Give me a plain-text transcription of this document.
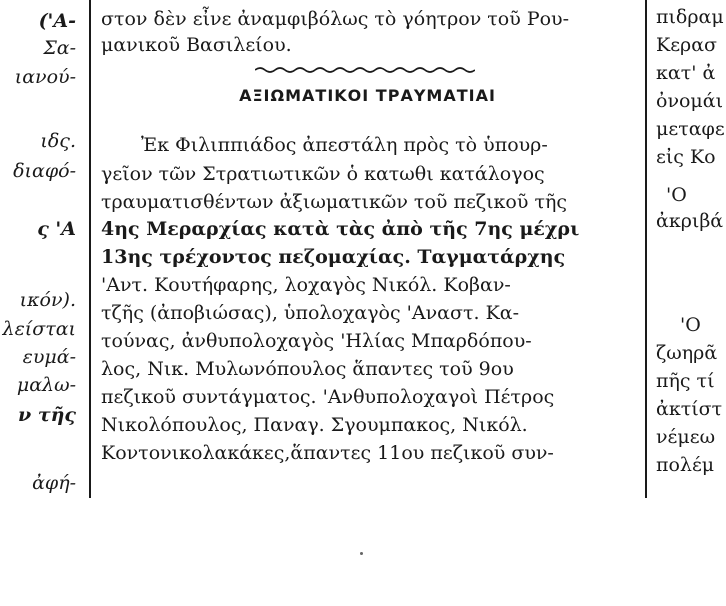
('Α-
Σα-
ιανού-
ιδς.
διαφό-
ς 'Α
ικόν).
λείσται
ευμά-
μαλω-
ν τῆς
ἀφή-
στον δὲν εἶνε ἀναμφιβόλως τὸ γόητρον τοῦ Ρου-
μανικοῦ Βασιλείου.
ΑΞΙΩΜΑΤΙΚΟΙ ΤΡΑΥΜΑΤΙΑΙ
Ἐκ Φιλιππιάδος ἀπεστάλη πρὸς τὸ ὑπουρ-
γεῖον τῶν Στρατιωτικῶν ὁ κατωθι κατάλογος
τραυματισθέντων ἀξιωματικῶν τοῦ πεζικοῦ τῆς
4ης Μεραρχίας κατὰ τὰς ἀπὸ τῆς 7ης μέχρι
13ης τρέχοντος πεζομαχίας. Ταγματάρχης
'Αντ. Κουτήφαρης, λοχαγὸς Νικόλ. Κοβαν-
τζῆς (ἀποβιώσας), ὑπολοχαγὸς 'Αναστ. Κα-
τούνας, ἀνθυπολοχαγὸς 'Ηλίας Μπαρδόπου-
λος, Νικ. Μυλωνόπουλος ἅπαντες τοῦ 9ου
πεζικοῦ συντάγματος. 'Ανθυπολοχαγοὶ Πέτρος
Νικολόπουλος, Παναγ. Σγουμπακος, Νικόλ.
Κοντονικολακάκες,ἅπαντες 11ου πεζικοῦ συν-
πιδραμ
Κερασ
κατ' ἀ
ὀνομάι
μεταφε
εἰς Κο
'Ο
ἀκριβά
'Ο
ζωηρᾶ
πῆς τί
ἀκτίστ
νέμεω
πολέμ
